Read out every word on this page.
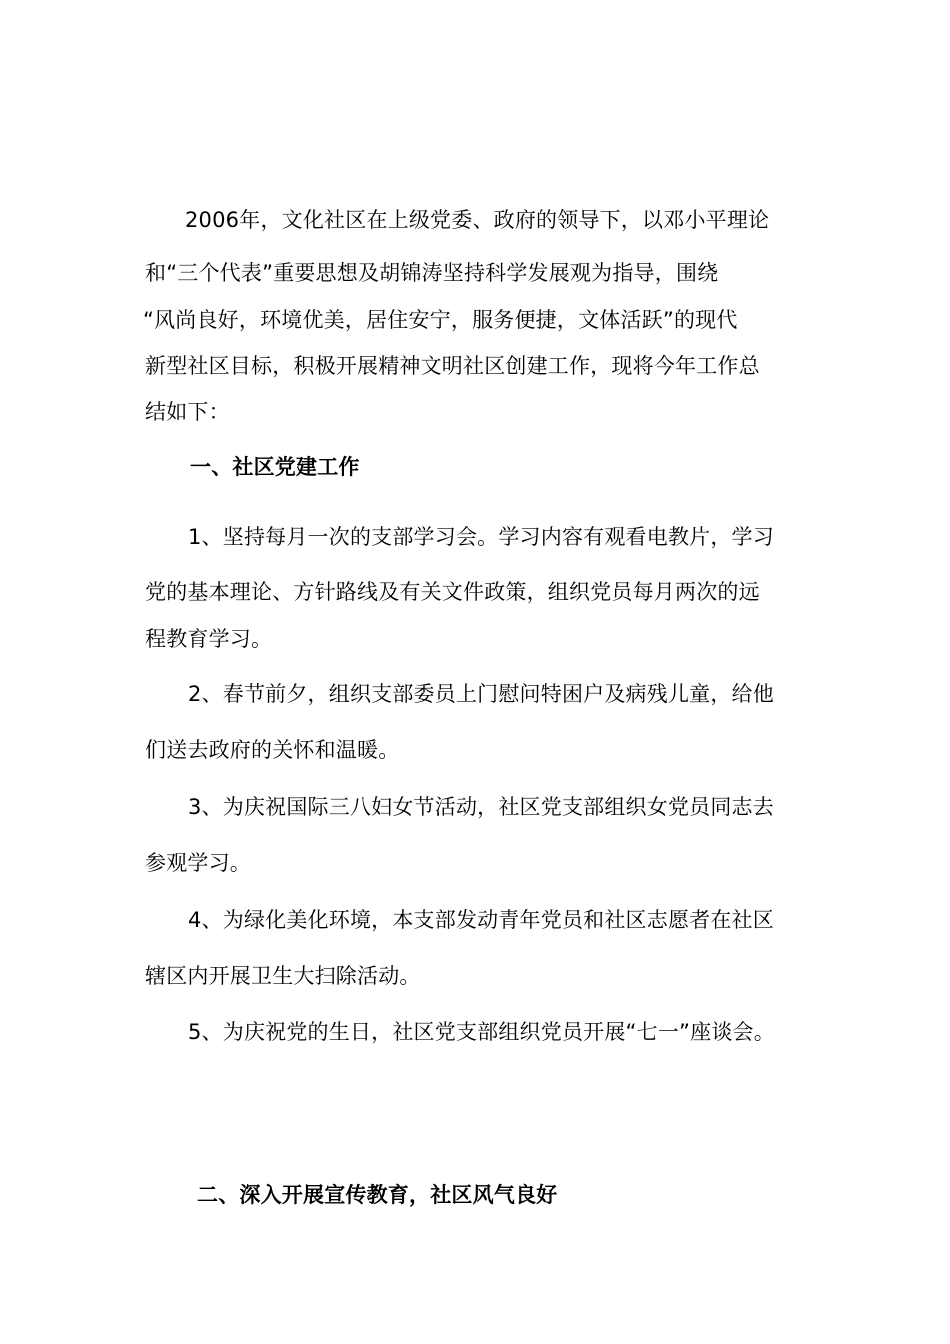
2006年，文化社区在上级党委、政府的领导下，以邓小平理论
和“三个代表”重要思想及胡锦涛坚持科学发展观为指导，围绕
“风尚良好，环境优美，居住安宁，服务便捷，文体活跃”的现代
新型社区目标，积极开展精神文明社区创建工作，现将今年工作总
结如下：
一、社区党建工作
1、坚持每月一次的支部学习会。学习内容有观看电教片，学习
党的基本理论、方针路线及有关文件政策，组织党员每月两次的远
程教育学习。
2、春节前夕，组织支部委员上门慰问特困户及病残儿童，给他
们送去政府的关怀和温暖。
3、为庆祝国际三八妇女节活动，社区党支部组织女党员同志去
参观学习。
4、为绿化美化环境，本支部发动青年党员和社区志愿者在社区
辖区内开展卫生大扫除活动。
5、为庆祝党的生日，社区党支部组织党员开展“七一”座谈会。
二、深入开展宣传教育，社区风气良好
